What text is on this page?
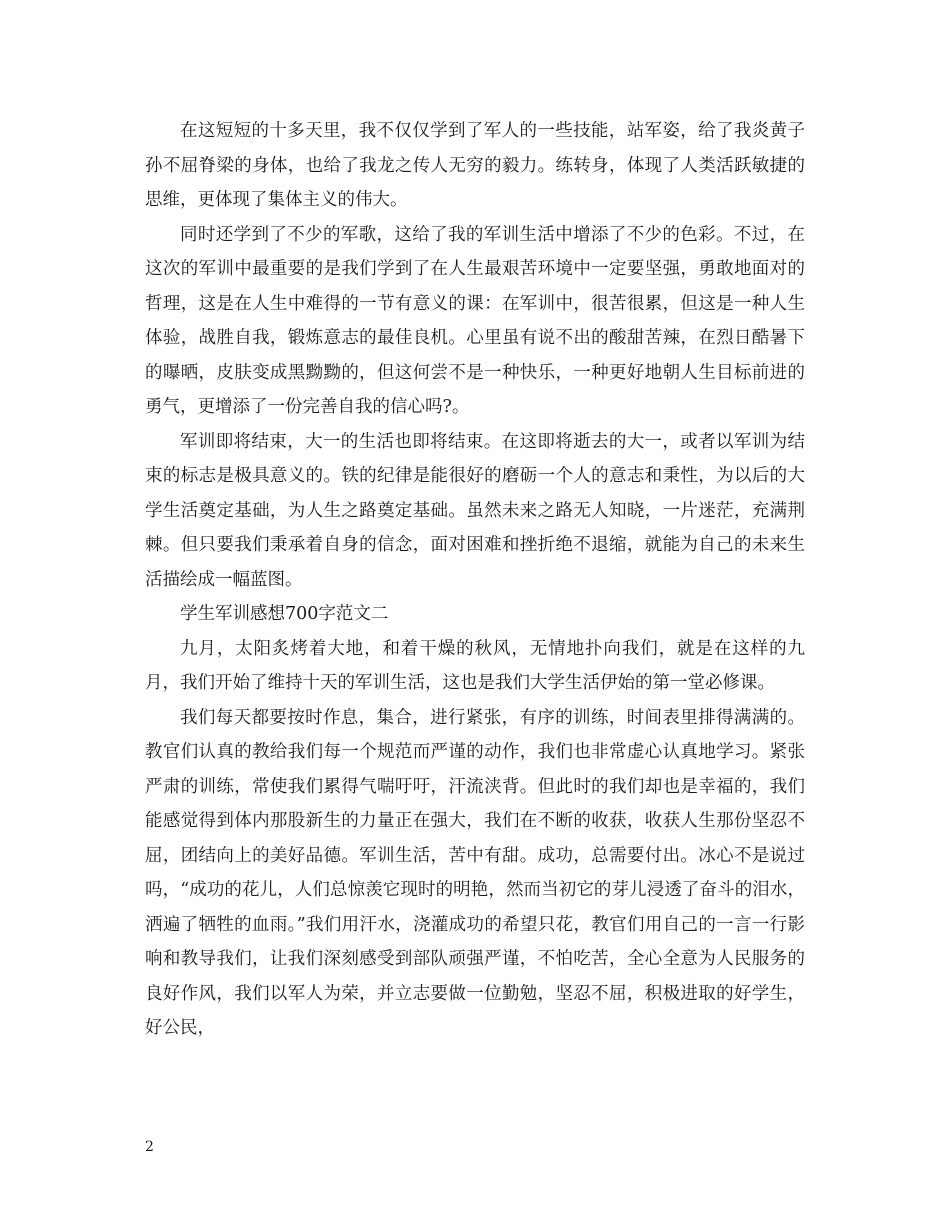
在这短短的十多天里，我不仅仅学到了军人的一些技能，站军姿，给了我炎黄子孙不屈脊梁的身体，也给了我龙之传人无穷的毅力。练转身，体现了人类活跃敏捷的思维，更体现了集体主义的伟大。

同时还学到了不少的军歌，这给了我的军训生活中增添了不少的色彩。不过，在这次的军训中最重要的是我们学到了在人生最艰苦环境中一定要坚强，勇敢地面对的哲理，这是在人生中难得的一节有意义的课：在军训中，很苦很累，但这是一种人生体验，战胜自我，锻炼意志的最佳良机。心里虽有说不出的酸甜苦辣，在烈日酷暑下的曝晒，皮肤变成黑黝黝的，但这何尝不是一种快乐，一种更好地朝人生目标前进的勇气，更增添了一份完善自我的信心吗?。

军训即将结束，大一的生活也即将结束。在这即将逝去的大一，或者以军训为结束的标志是极具意义的。铁的纪律是能很好的磨砺一个人的意志和秉性，为以后的大学生活奠定基础，为人生之路奠定基础。虽然未来之路无人知晓，一片迷茫，充满荆棘。但只要我们秉承着自身的信念，面对困难和挫折绝不退缩，就能为自己的未来生活描绘成一幅蓝图。

学生军训感想700字范文二

九月，太阳炙烤着大地，和着干燥的秋风，无情地扑向我们，就是在这样的九月，我们开始了维持十天的军训生活，这也是我们大学生活伊始的第一堂必修课。

我们每天都要按时作息，集合，进行紧张，有序的训练，时间表里排得满满的。教官们认真的教给我们每一个规范而严谨的动作，我们也非常虚心认真地学习。紧张严肃的训练，常使我们累得气喘吁吁，汗流浃背。但此时的我们却也是幸福的，我们能感觉得到体内那股新生的力量正在强大，我们在不断的收获，收获人生那份坚忍不屈，团结向上的美好品德。军训生活，苦中有甜。成功，总需要付出。冰心不是说过吗，“成功的花儿，人们总惊羡它现时的明艳，然而当初它的芽儿浸透了奋斗的泪水，洒遍了牺牲的血雨。”我们用汗水，浇灌成功的希望只花，教官们用自己的一言一行影响和教导我们，让我们深刻感受到部队顽强严谨，不怕吃苦，全心全意为人民服务的良好作风，我们以军人为荣，并立志要做一位勤勉，坚忍不屈，积极进取的好学生，好公民，

2
